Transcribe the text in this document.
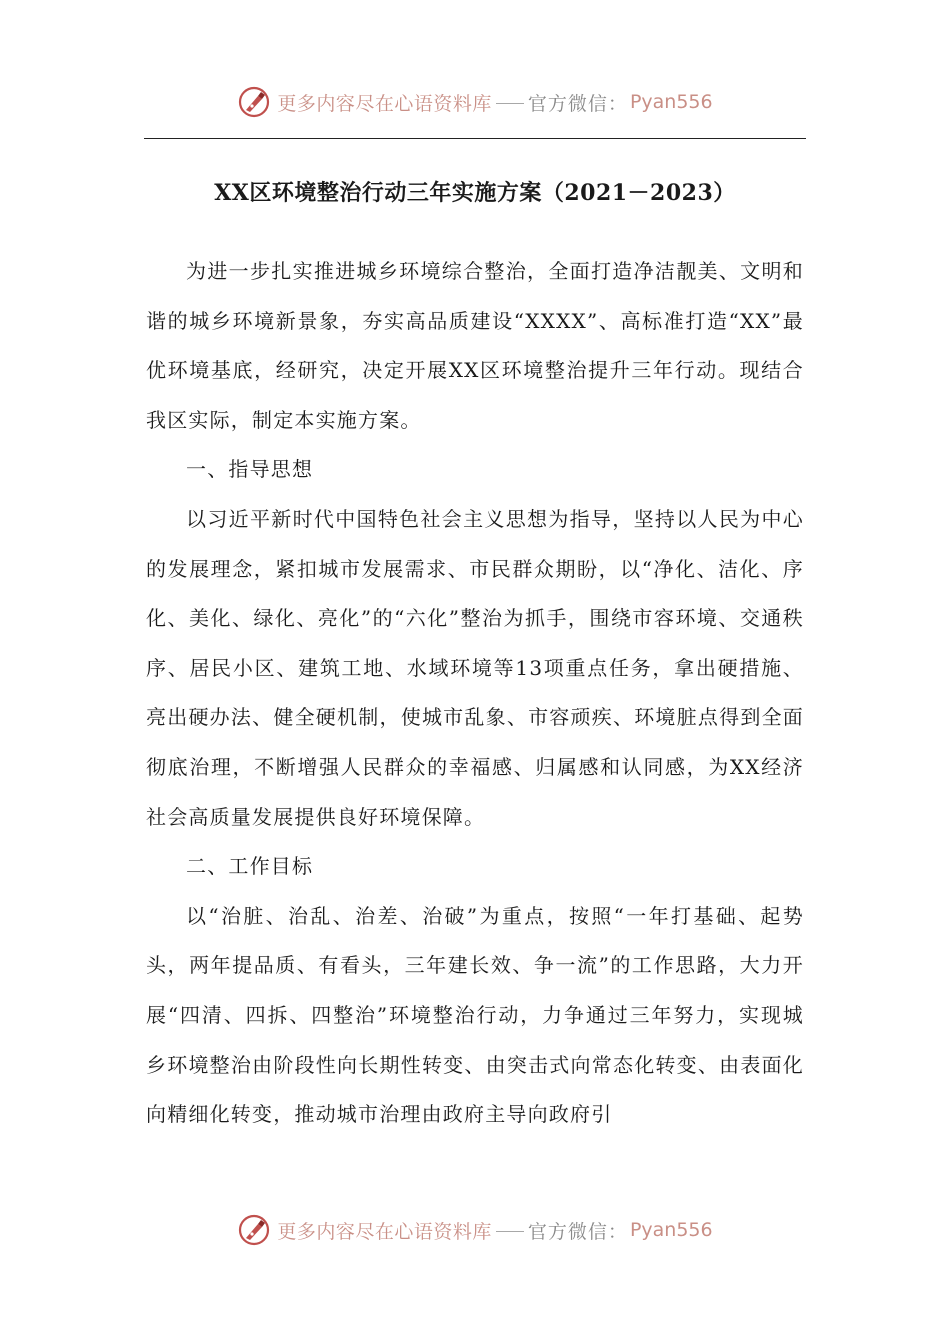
更多内容尽在心语资料库 官方微信： Pyan556
XX区环境整治行动三年实施方案（2021－2023）

为进一步扎实推进城乡环境综合整治，全面打造净洁靓美、文明和谐的城乡环境新景象，夯实高品质建设“XXXX”、高标准打造“XX”最优环境基底，经研究，决定开展XX区环境整治提升三年行动。现结合我区实际，制定本实施方案。

一、指导思想

以习近平新时代中国特色社会主义思想为指导，坚持以人民为中心的发展理念，紧扣城市发展需求、市民群众期盼，以“净化、洁化、序化、美化、绿化、亮化”的“六化”整治为抓手，围绕市容环境、交通秩序、居民小区、建筑工地、水域环境等13项重点任务，拿出硬措施、亮出硬办法、健全硬机制，使城市乱象、市容顽疾、环境脏点得到全面彻底治理，不断增强人民群众的幸福感、归属感和认同感，为XX经济社会高质量发展提供良好环境保障。

二、工作目标

以“治脏、治乱、治差、治破”为重点，按照“一年打基础、起势头，两年提品质、有看头，三年建长效、争一流”的工作思路，大力开展“四清、四拆、四整治”环境整治行动，力争通过三年努力，实现城乡环境整治由阶段性向长期性转变、由突击式向常态化转变、由表面化向精细化转变，推动城市治理由政府主导向政府引

更多内容尽在心语资料库 官方微信： Pyan556
